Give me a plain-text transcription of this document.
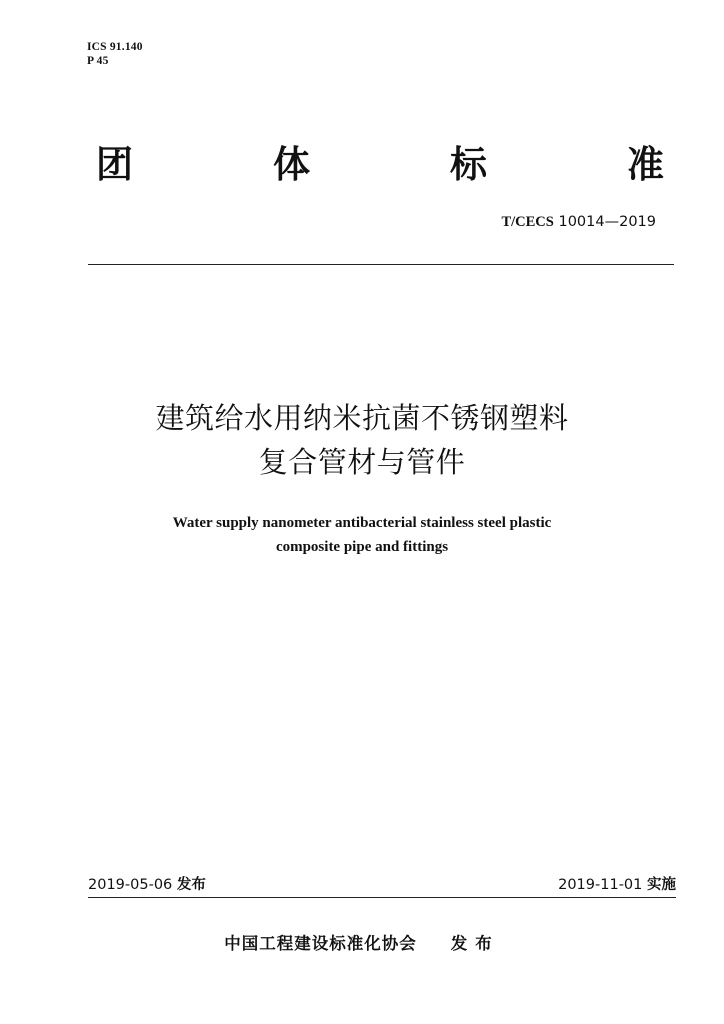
ICS 91.140
P 45
团	体	标	准
T/CECS 10014—2019
建筑给水用纳米抗菌不锈钢塑料
复合管材与管件
Water supply nanometer antibacterial stainless steel plastic
composite pipe and fittings
2019-05-06 发布	2019-11-01 实施
中国工程建设标准化协会 发布
